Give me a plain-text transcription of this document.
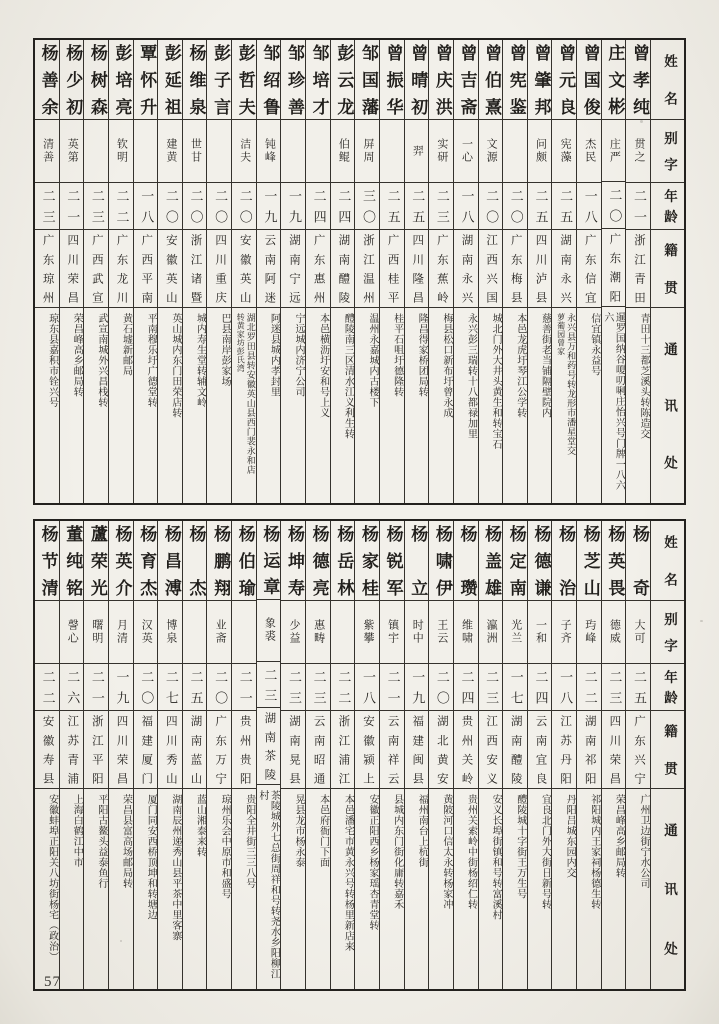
姓名
别字
年龄
籍贯
通讯处
曾孝纯
贯之
二一
浙江青田
青田十三都芝溪头转陈造交
庄文彬
庄严
二〇
广东潮阳
暹罗国纳谷嗄叨唎庄怡兴号门牌一八六六
曾国俊
杰民
一八
广东信宜
信宜镇永益号
曾元良
宪藻
二五
湖南永兴
永兴县万和药号转龙形市潘星堂交
萝葡园曾家
曾肇邦
问颇
二五
四川泸县
慈善街老当铺隔壁院内
曾宪鉴
二〇
广东梅县
本邑龙虎圩琴江公学转
曾伯熹
文源
二〇
江西兴国
城北门外大井头黄生和转宝石
曾吉斋
一心
一八
湖南永兴
永兴彭三瑞转十八都禄加里
曾庆洪
实研
二三
广东蕉岭
梅县松口新布圩曾永成
曾晴初
羿
二五
四川隆昌
隆昌得家桥团局转
曾振华
二五
广西桂平
桂平石咀圩德隆转
邹国藩
屏周
三〇
浙江温州
温州永嘉城内古楼下
彭云龙
伯鲲
二四
湖南醴陵
醴陵南三区清水江义利生转
邹培才
二四
广东惠州
本邑横沥圩安和号上义
邹珍善
一九
湖南宁远
宁远城内济宁公司
邹绍鲁
钝峰
一九
云南阿迷
阿迷县城内孝封里
彭哲夫
洁夫
二〇
安徽英山
湖北罗田县转安徽英山县西门裴永和店
转黄家坊彭氏湾
彭子言
二〇
四川重庆
巴县南岸彭家场
杨维泉
世甘
二〇
浙江诸暨
城内寿生堂转辅文岭
彭延祖
建黄
二〇
安徽英山
英山城内东门田荣店转
覃怀升
一八
广西平南
平南穆乐圩广德堂转
彭培亮
钦明
二二
广东龙川
黄石墟新邮局
杨树森
二三
广西武宣
武宣南城外兴昌栈转
杨少初
英第
二一
四川荣昌
荣昌峰高乡邮局转
杨善余
清善
二三
广东琼州
琼东县嘉积市铨兴号
姓名
别字
年龄
籍贯
通讯处
杨奇
大可
二五
广东兴宁
广州卫边街宁水公司
杨英畏
德威
二三
四川荣昌
荣昌峰高乡邮局转
杨芝山
玙峰
二二
湖南祁阳
祁阳城内王家祠杨德生转
杨治
子齐
一八
江苏丹阳
丹阳吕城东园内交
杨德谦
一和
二四
云南宜良
宜良北门外大街日新号转
杨定南
光兰
一七
湖南醴陵
醴陵城十字街王万生号
杨盖雄
瀛洲
二三
江西安义
安义长埠街镇和号转富溪村
杨瓒
维啸
二四
贵州关岭
贵州关索岭中街杨绍仁转
杨啸伊
王云
二〇
湖北黄安
黄陂河口信太永转杨家冲
杨立
时中
一九
福建闽县
福州南台上杭街
杨锐军
镇宇
二一
云南祥云
县城内东门街化庸转嘉禾
杨家桂
紫攀
一八
安徽颍上
安徽正阳西乡杨家瑶杏青堂转
杨岳林
二二
浙江浦江
本邑潘宅市黄永兴号转杨里新店来
杨德亮
惠畴
二三
云南昭通
本邑府衙门下面
杨坤寿
少益
二三
湖南晃县
晃县龙市杨永泰
杨运章
象裘
二三
湖南茶陵
茶陵城外七总街周祥和号转尧水乡阳柳江村
杨伯瑜
二一
贵州贵阳
贵阳全井街三三八号
杨鹏翔
业斋
二〇
广东万宁
琼州乐会中原市和盛号
杨杰
二五
湖南蓝山
蓝山湘泰来转
杨昌溥
博泉
二七
四川秀山
湖南辰州递秀山县平茶中里客寨
杨育杰
汉英
二〇
福建厦门
厦门同安西桥顶坤和转塘边
杨英介
月清
一九
四川荣昌
荣昌县富高场邮局转
蘆荣光
曙明
二一
浙江平阳
平阳古鳌头益泰鱼行
董纯铭
謦心
二六
江苏青浦
上海白鹤江中市
杨节清
二二
安徽寿县
安徽蚌埠正阳关八坊街杨宅（政治）
57
